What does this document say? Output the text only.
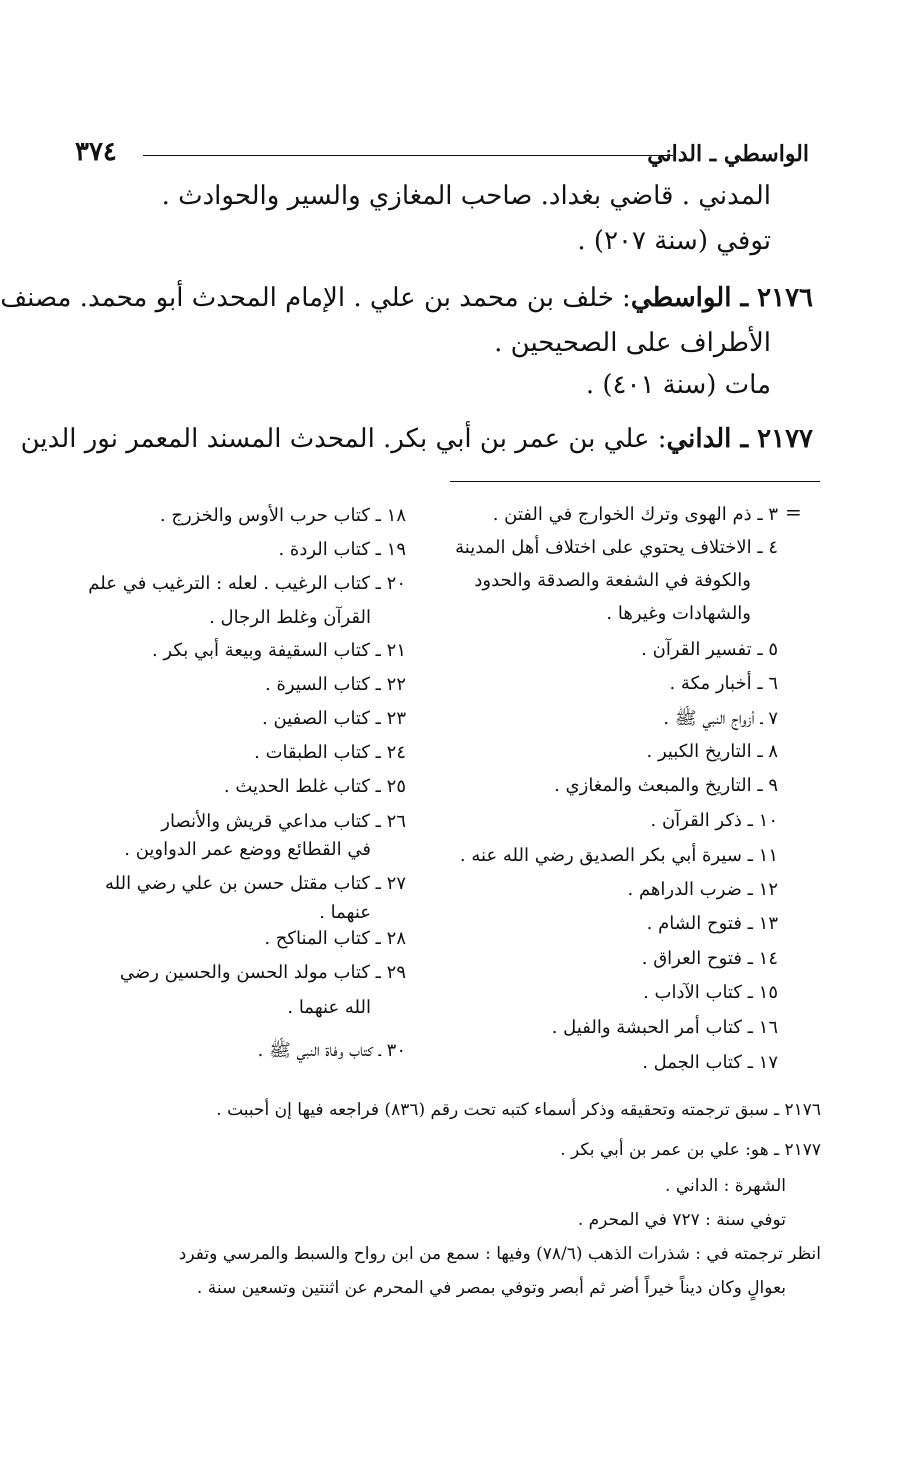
الواسطي ـ الداني
٣٧٤
المدني . قاضي بغداد. صاحب المغازي والسير والحوادث .
توفي (سنة ٢٠٧) .
٢١٧٦ ـ الواسطي: خلف بن محمد بن علي . الإمام المحدث أبو محمد. مصنف
الأطراف على الصحيحين .
مات (سنة ٤٠١) .
٢١٧٧ ـ الداني: علي بن عمر بن أبي بكر. المحدث المسند المعمر نور الدين
=
٣ ـ ذم الهوى وترك الخوارج في الفتن .
٤ ـ الاختلاف يحتوي على اختلاف أهل المدينة
والكوفة في الشفعة والصدقة والحدود
والشهادات وغيرها .
٥ ـ تفسير القرآن .
٦ ـ أخبار مكة .
٧ ـ أزواج النبي ﷺ .
٨ ـ التاريخ الكبير .
٩ ـ التاريخ والمبعث والمغازي .
١٠ ـ ذكر القرآن .
١١ ـ سيرة أبي بكر الصديق رضي الله عنه .
١٢ ـ ضرب الدراهم .
١٣ ـ فتوح الشام .
١٤ ـ فتوح العراق .
١٥ ـ كتاب الآداب .
١٦ ـ كتاب أمر الحبشة والفيل .
١٧ ـ كتاب الجمل .
١٨ ـ كتاب حرب الأوس والخزرج .
١٩ ـ كتاب الردة .
٢٠ ـ كتاب الرغيب . لعله : الترغيب في علم
القرآن وغلط الرجال .
٢١ ـ كتاب السقيفة وبيعة أبي بكر .
٢٢ ـ كتاب السيرة .
٢٣ ـ كتاب الصفين .
٢٤ ـ كتاب الطبقات .
٢٥ ـ كتاب غلط الحديث .
٢٦ ـ كتاب مداعي قريش والأنصار
في القطائع ووضع عمر الدواوين .
٢٧ ـ كتاب مقتل حسن بن علي رضي الله
عنهما .
٢٨ ـ كتاب المناكح .
٢٩ ـ كتاب مولد الحسن والحسين رضي
الله عنهما .
٣٠ ـ كتاب وفاة النبي ﷺ .
٢١٧٦ ـ سبق ترجمته وتحقيقه وذكر أسماء كتبه تحت رقم (٨٣٦) فراجعه فيها إن أحببت .
٢١٧٧ ـ هو: علي بن عمر بن أبي بكر .
الشهرة : الداني .
توفي سنة : ٧٢٧ في المحرم .
انظر ترجمته في : شذرات الذهب (٧٨/٦) وفيها : سمع من ابن رواح والسبط والمرسي وتفرد
بعوالٍ وكان ديناً خيراً أضر ثم أبصر وتوفي بمصر في المحرم عن اثنتين وتسعين سنة .
